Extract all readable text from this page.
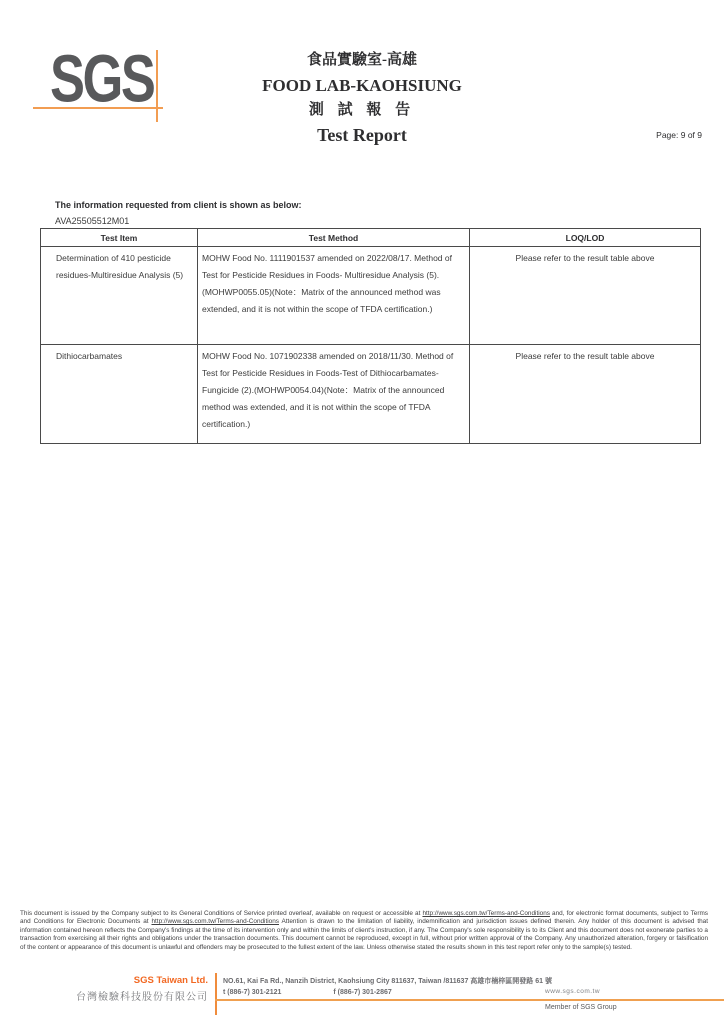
SGS	食品實驗室-高雄
FOOD LAB-KAOHSIUNG
測 試 報 告
Test Report	Page: 9 of 9
The information requested from client is shown as below:
AVA25505512M01
Test Item	Test Method	LOQ/LOD
Determination of 410 pesticide residues-Multiresidue Analysis (5)	MOHW Food No. 1111901537 amended on 2022/08/17. Method of Test for Pesticide Residues in Foods- Multiresidue Analysis (5).(MOHWP0055.05)(Note：Matrix of the announced method was extended, and it is not within the scope of TFDA certification.)	Please refer to the result table above
Dithiocarbamates	MOHW Food No. 1071902338 amended on 2018/11/30. Method of Test for Pesticide Residues in Foods-Test of Dithiocarbamates-Fungicide (2).(MOHWP0054.04)(Note：Matrix of the announced method was extended, and it is not within the scope of TFDA certification.)	Please refer to the result table above
This document is issued by the Company subject to its General Conditions of Service printed overleaf, available on request or accessible at http://www.sgs.com.tw/Terms-and-Conditions and, for electronic format documents, subject to Terms and Conditions for Electronic Documents at http://www.sgs.com.tw/Terms-and-Conditions Attention is drawn to the limitation of liability, indemnification and jurisdiction issues defined therein. Any holder of this document is advised that information contained hereon reflects the Company's findings at the time of its intervention only and within the limits of client's instruction, if any. The Company's sole responsibility is to its Client and this document does not exonerate parties to a transaction from exercising all their rights and obligations under the transaction documents. This document cannot be reproduced, except in full, without prior written approval of the Company. Any unauthorized alteration, forgery or falsification of the content or appearance of this document is unlawful and offenders may be prosecuted to the fullest extent of the law. Unless otherwise stated the results shown in this test report refer only to the sample(s) tested.
SGS Taiwan Ltd.
台灣檢驗科技股份有限公司
NO.61, Kai Fa Rd., Nanzih District, Kaohsiung City 811637, Taiwan /811637 高雄市楠梓區開發路 61 號
t (886-7) 301-2121	f (886-7) 301-2867	www.sgs.com.tw
Member of SGS Group
